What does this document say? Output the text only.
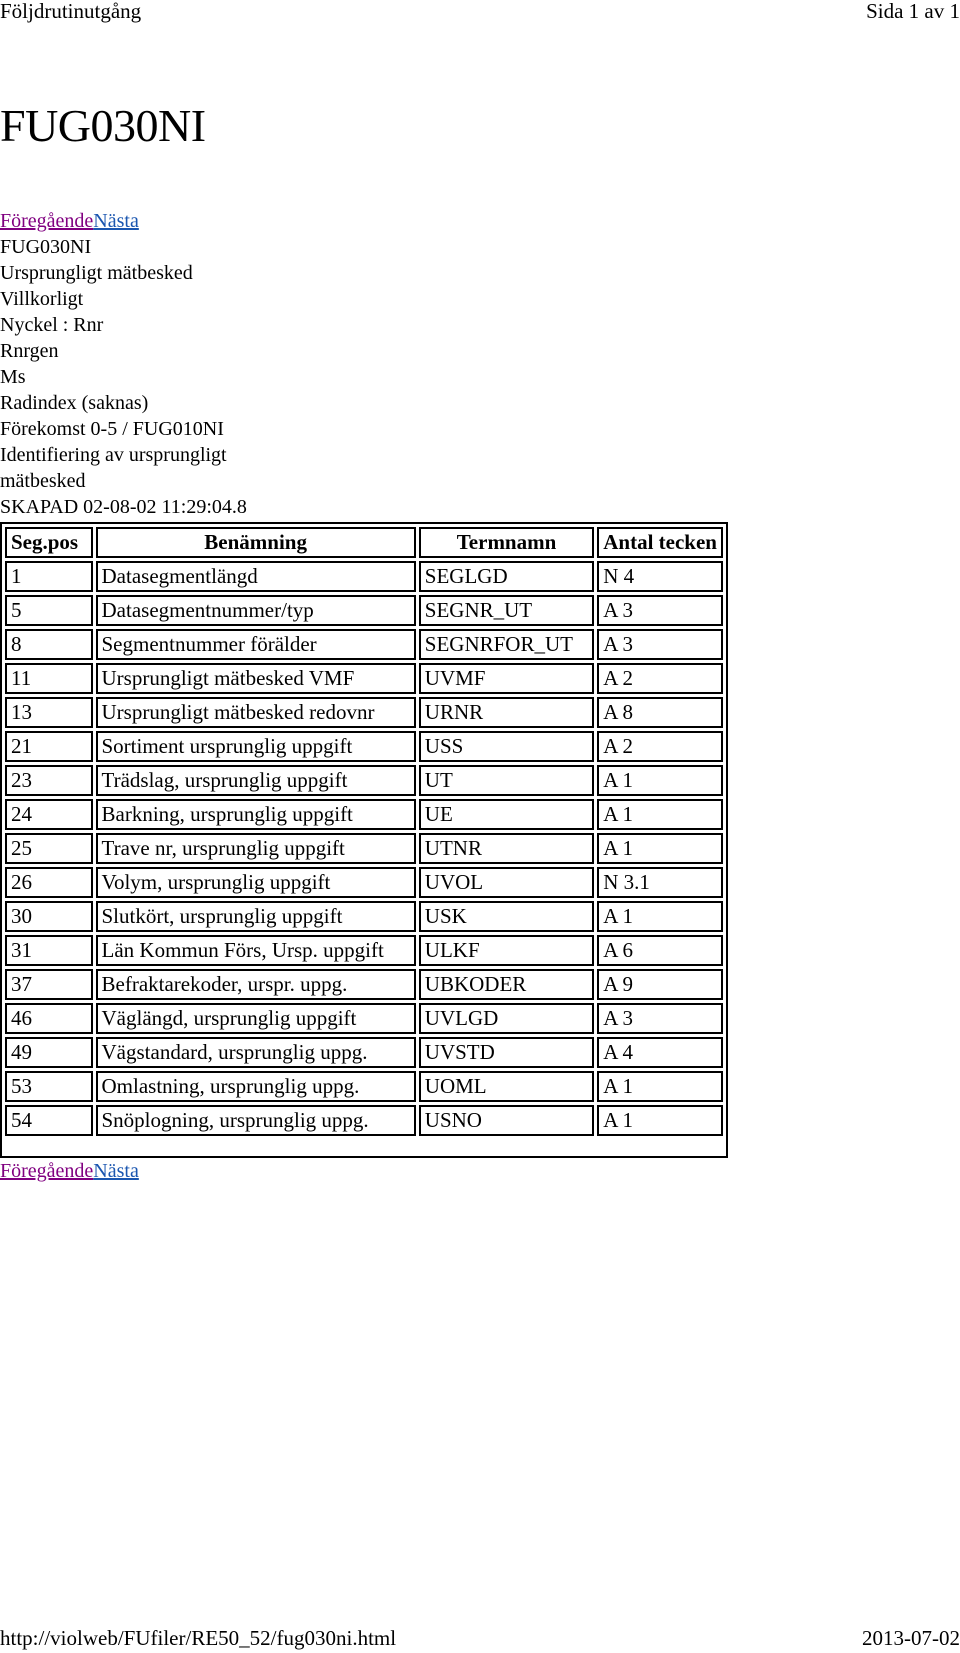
Följdrutinutgång	Sida 1 av 1
FUG030NI
FöregåendeNästa
FUG030NI
Ursprungligt mätbesked
Villkorligt
Nyckel : Rnr
Rnrgen
Ms
Radindex (saknas)
Förekomst 0-5 / FUG010NI
Identifiering av ursprungligt
mätbesked
SKAPAD 02-08-02 11:29:04.8
Seg.pos	Benämning	Termnamn	Antal tecken
1	Datasegmentlängd	SEGLGD	N 4
5	Datasegmentnummer/typ	SEGNR_UT	A 3
8	Segmentnummer förälder	SEGNRFOR_UT	A 3
11	Ursprungligt mätbesked VMF	UVMF	A 2
13	Ursprungligt mätbesked redovnr	URNR	A 8
21	Sortiment ursprunglig uppgift	USS	A 2
23	Trädslag, ursprunglig uppgift	UT	A 1
24	Barkning, ursprunglig uppgift	UE	A 1
25	Trave nr, ursprunglig uppgift	UTNR	A 1
26	Volym, ursprunglig uppgift	UVOL	N 3.1
30	Slutkört, ursprunglig uppgift	USK	A 1
31	Län Kommun Förs, Ursp. uppgift	ULKF	A 6
37	Befraktarekoder, urspr. uppg.	UBKODER	A 9
46	Väglängd, ursprunglig uppgift	UVLGD	A 3
49	Vägstandard, ursprunglig uppg.	UVSTD	A 4
53	Omlastning, ursprunglig uppg.	UOML	A 1
54	Snöplogning, ursprunglig uppg.	USNO	A 1
FöregåendeNästa
http://violweb/FUfiler/RE50_52/fug030ni.html	2013-07-02
